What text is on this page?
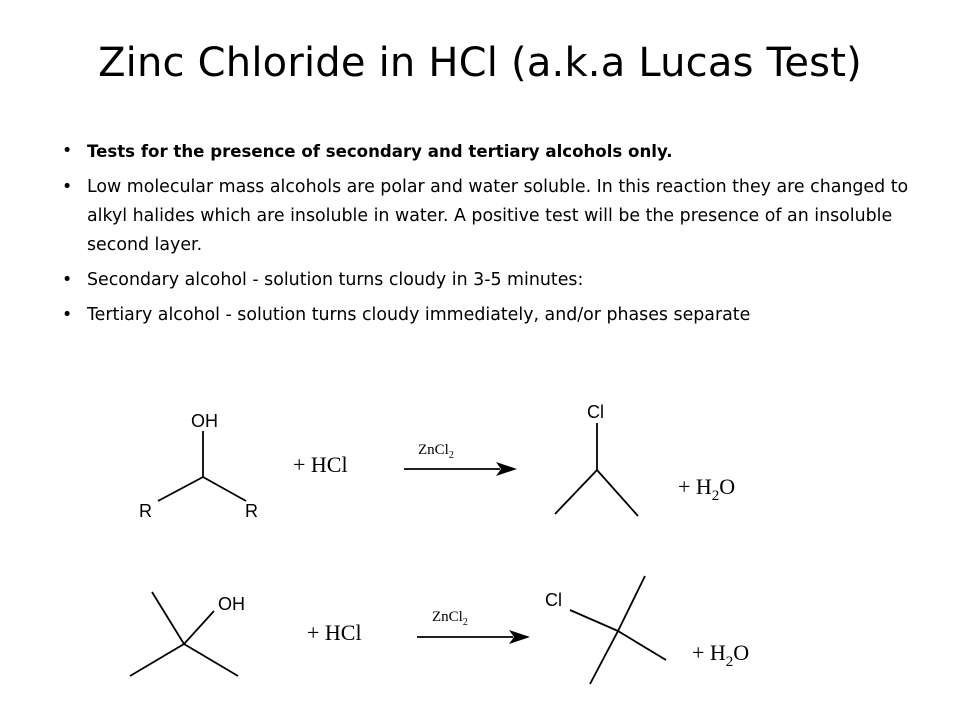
Zinc Chloride in HCl (a.k.a Lucas Test)
• Tests for the presence of secondary and tertiary alcohols only.
• Low molecular mass alcohols are polar and water soluble. In this reaction they are changed to alkyl halides which are insoluble in water. A positive test will be the presence of an insoluble second layer.
• Secondary alcohol - solution turns cloudy in 3-5 minutes:
• Tertiary alcohol - solution turns cloudy immediately, and/or phases separate
OH
R	R
+ HCl
ZnCl$_2$
Cl
+ $H_2O$
OH
+ HCl
ZnCl$_2$
Cl
+ $H_2O$
